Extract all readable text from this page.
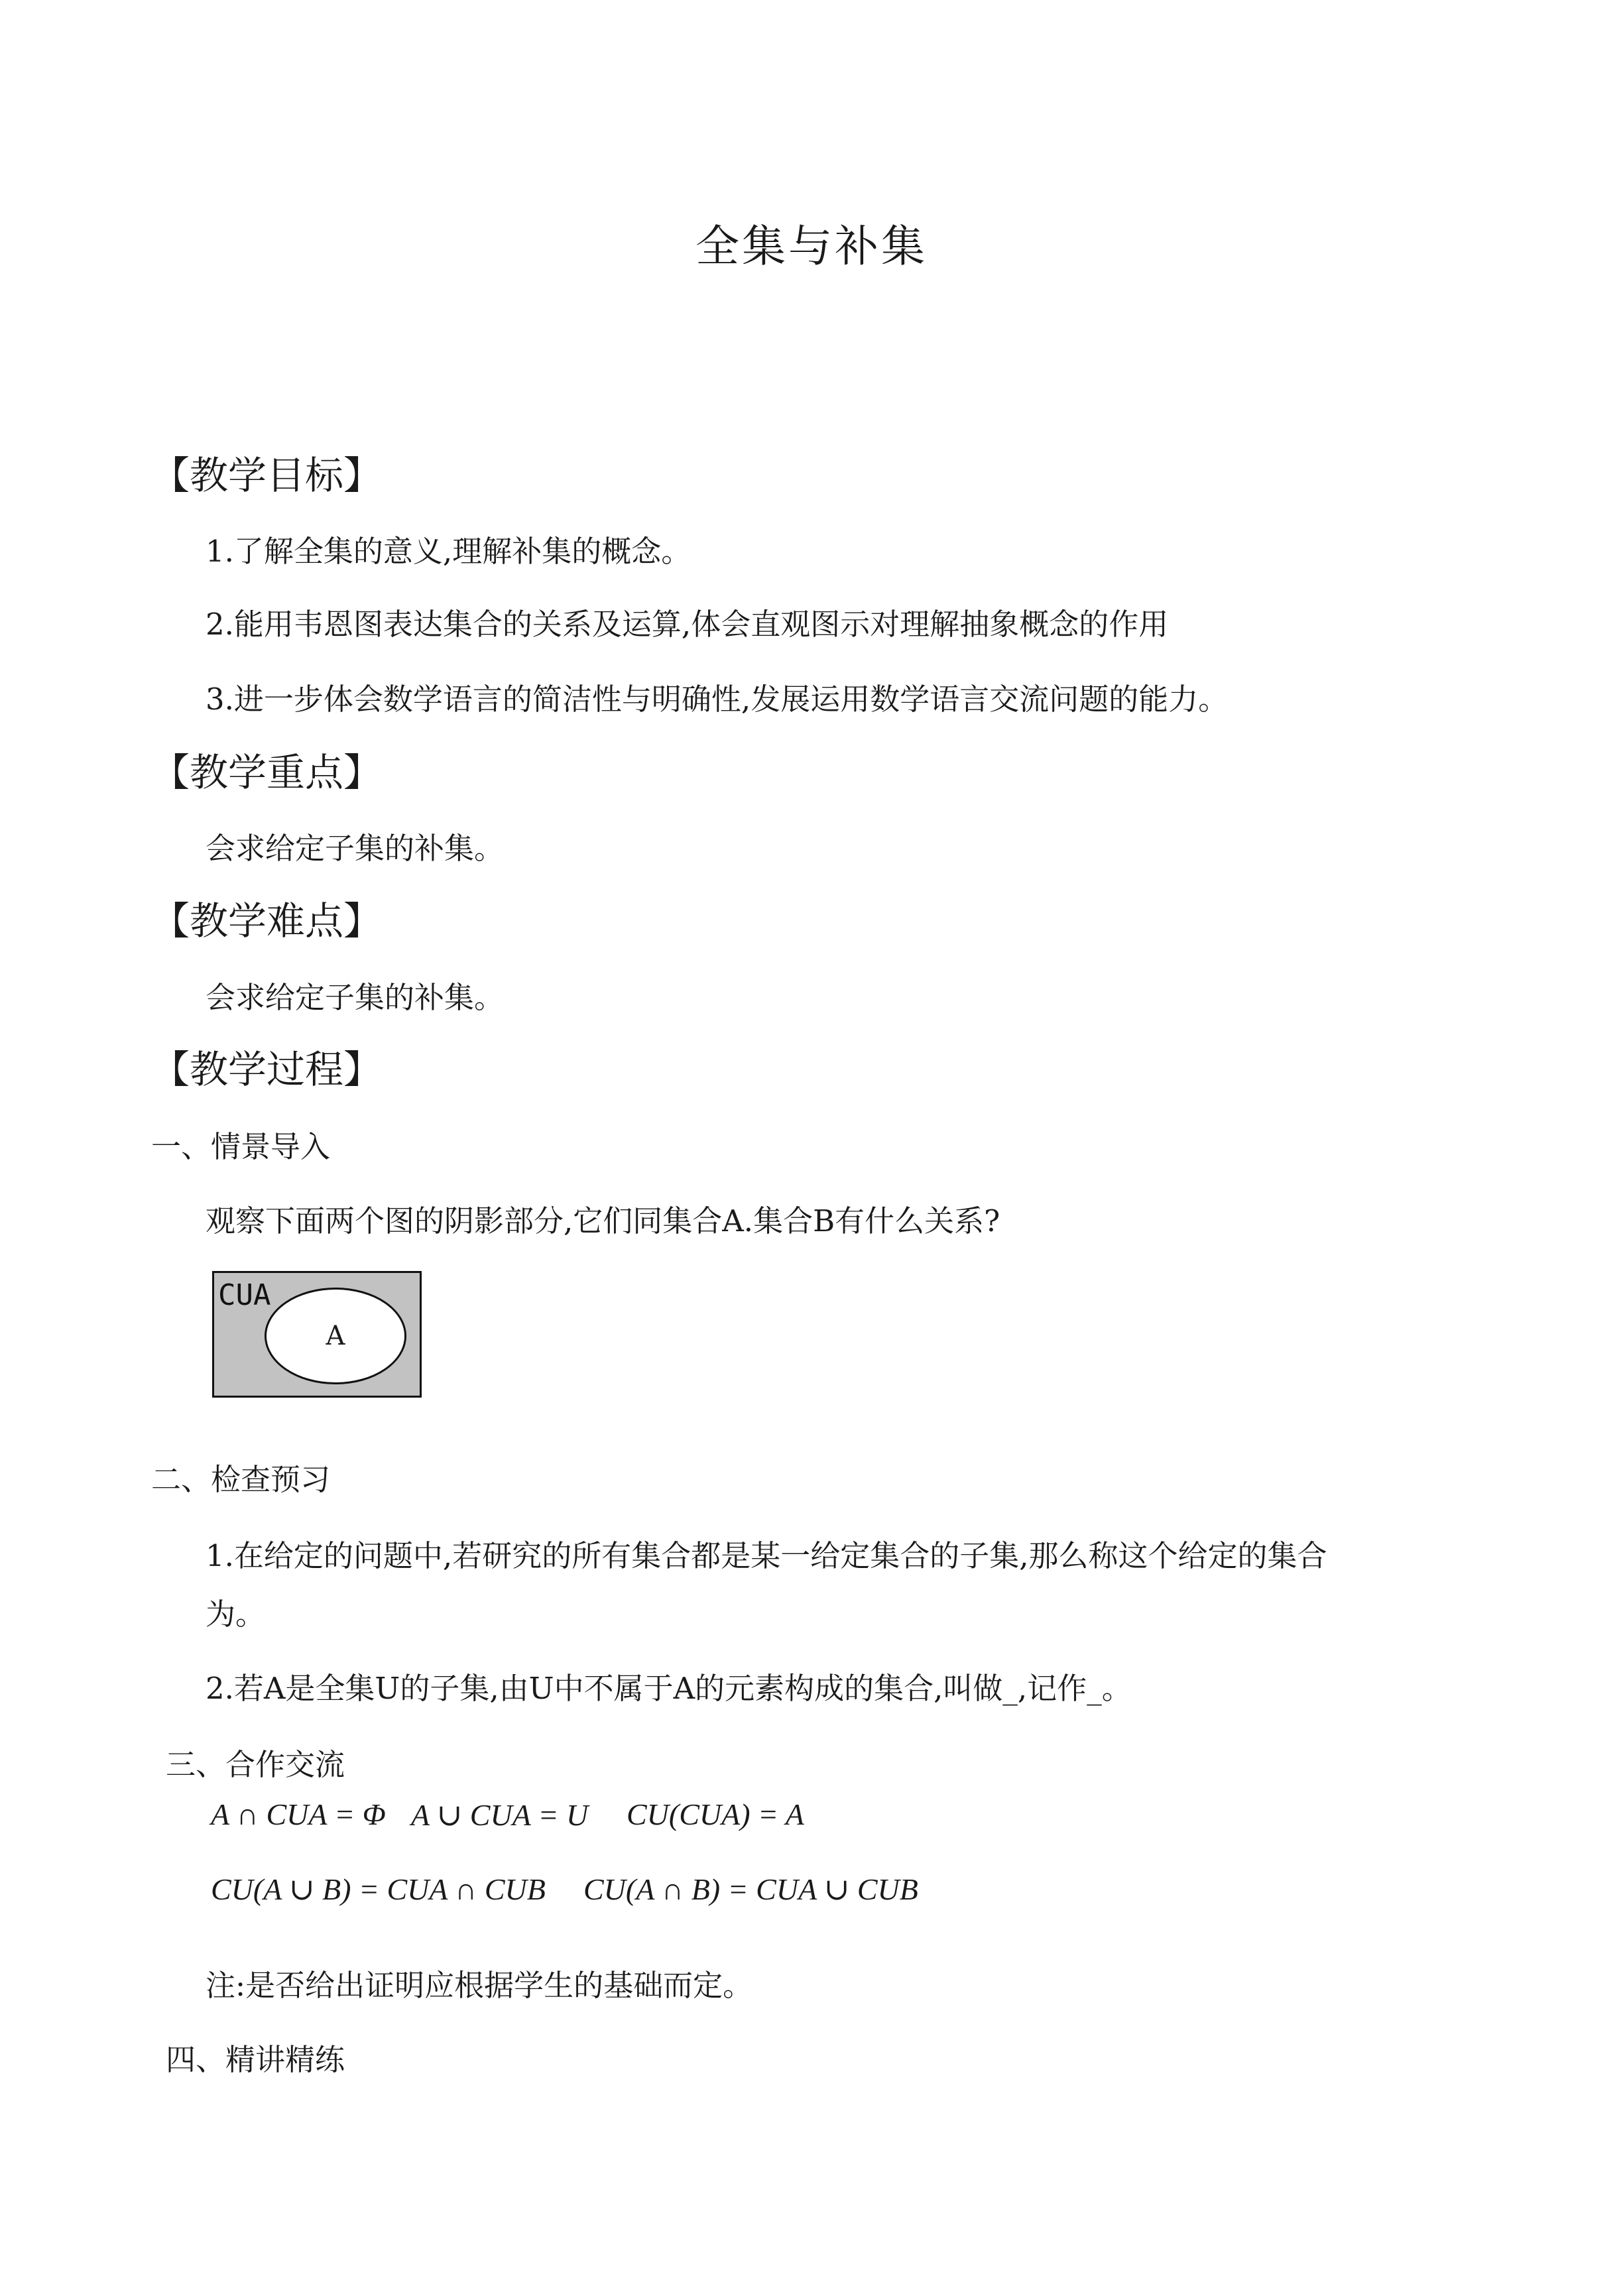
全集与补集
【教学目标】
1.了解全集的意义,理解补集的概念。
2.能用韦恩图表达集合的关系及运算,体会直观图示对理解抽象概念的作用
3.进一步体会数学语言的简洁性与明确性,发展运用数学语言交流问题的能力。
【教学重点】
会求给定子集的补集。
【教学难点】
会求给定子集的补集。
【教学过程】
一、情景导入
观察下面两个图的阴影部分,它们同集合A.集合B有什么关系?
CUA
A
二、检查预习
1.在给定的问题中,若研究的所有集合都是某一给定集合的子集,那么称这个给定的集合
为。
2.若A是全集U的子集,由U中不属于A的元素构成的集合,叫做_,记作_。
三、合作交流
A ∩ CUA = Φ A ∪ CUA = U CU(CUA) = A
CU(A ∪ B) = CUA ∩ CUB CU(A ∩ B) = CUA ∪ CUB
注:是否给出证明应根据学生的基础而定。
四、精讲精练
